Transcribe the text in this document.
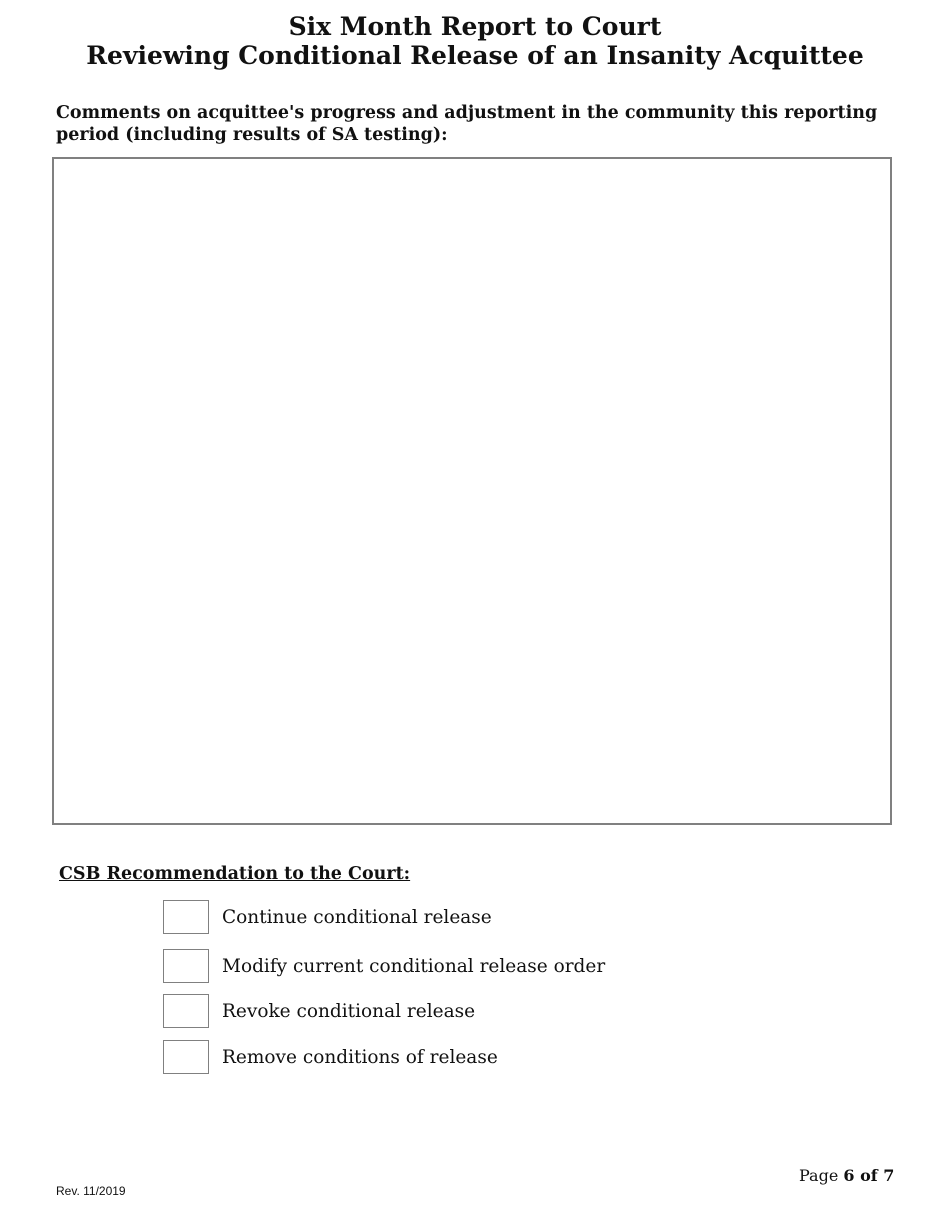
Six Month Report to Court
Reviewing Conditional Release of an Insanity Acquittee
Comments on acquittee's progress and adjustment in the community this reporting period (including results of SA testing):
CSB Recommendation to the Court:
Continue conditional release
Modify current conditional release order
Revoke conditional release
Remove conditions of release
Rev. 11/2019
Page 6 of 7
